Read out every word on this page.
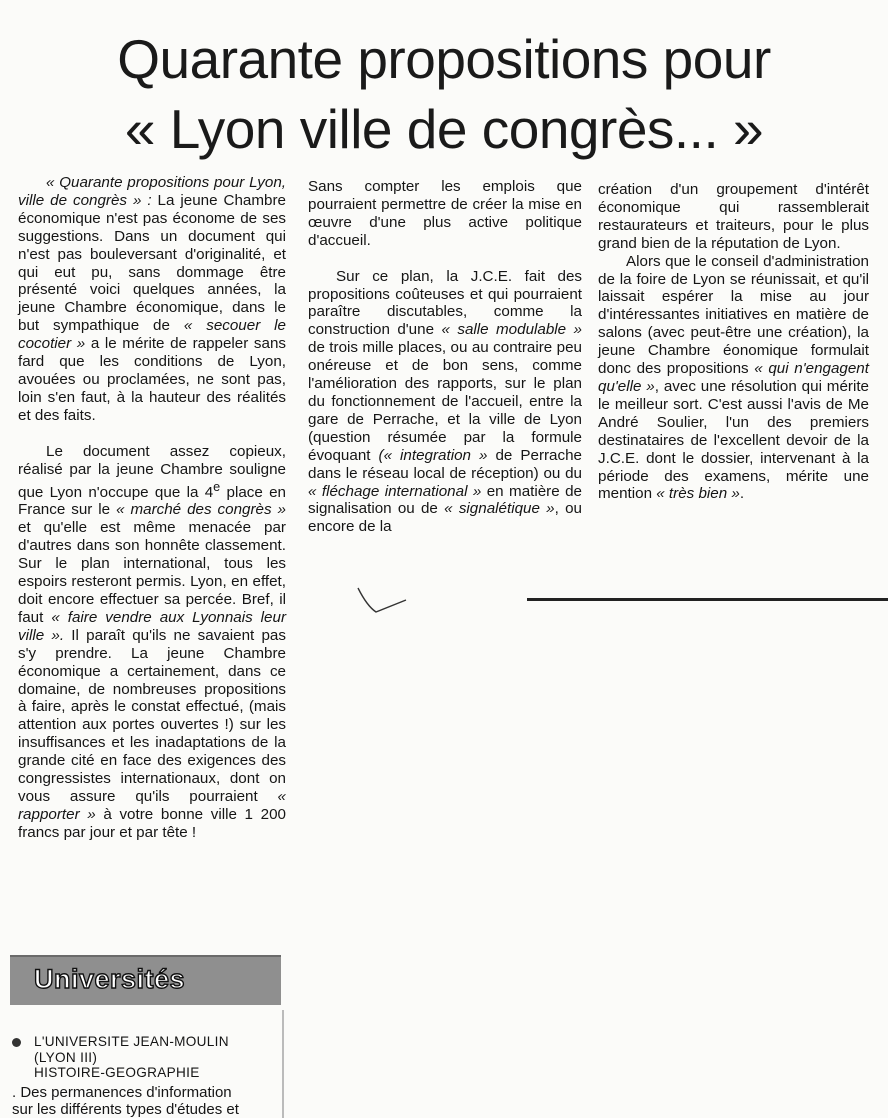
Quarante propositions pour
« Lyon ville de congrès... »

« Quarante propositions pour Lyon, ville de congrès » : La jeune Chambre économique n'est pas économe de ses suggestions. Dans un document qui n'est pas bouleversant d'originalité, et qui eut pu, sans dommage être présenté voici quelques années, la jeune Chambre économique, dans le but sympathique de « secouer le cocotier » a le mérite de rappeler sans fard que les conditions de Lyon, avouées ou proclamées, ne sont pas, loin s'en faut, à la hauteur des réalités et des faits.

Le document assez copieux, réalisé par la jeune Chambre souligne que Lyon n'occupe que la 4e place en France sur le « marché des congrès » et qu'elle est même menacée par d'autres dans son honnête classement. Sur le plan international, tous les espoirs resteront permis. Lyon, en effet, doit encore effectuer sa percée. Bref, il faut « faire vendre aux Lyonnais leur ville ». Il paraît qu'ils ne savaient pas s'y prendre. La jeune Chambre économique a certainement, dans ce domaine, de nombreuses propositions à faire, après le constat effectué, (mais attention aux portes ouvertes !) sur les insuffisances et les inadaptations de la grande cité en face des exigences des congressistes internationaux, dont on vous assure qu'ils pourraient « rapporter » à votre bonne ville 1 200 francs par jour et par tête !

Sans compter les emplois que pourraient permettre de créer la mise en œuvre d'une plus active politique d'accueil.

Sur ce plan, la J.C.E. fait des propositions coûteuses et qui pourraient paraître discutables, comme la construction d'une « salle modulable » de trois mille places, ou au contraire peu onéreuse et de bon sens, comme l'amélioration des rapports, sur le plan du fonctionnement de l'accueil, entre la gare de Perrache, et la ville de Lyon (question résumée par la formule évoquant (« integration » de Perrache dans le réseau local de réception) ou du « fléchage international » en matière de signalisation ou de « signalétique », ou encore de la

création d'un groupement d'intérêt économique qui rassemblerait restaurateurs et traiteurs, pour le plus grand bien de la réputation de Lyon.

Alors que le conseil d'administration de la foire de Lyon se réunissait, et qu'il laissait espérer la mise au jour d'intéressantes initiatives en matière de salons (avec peut-être une création), la jeune Chambre éonomique formulait donc des propositions « qui n'engagent qu'elle », avec une résolution qui mérite le meilleur sort. C'est aussi l'avis de Me André Soulier, l'un des premiers destinataires de l'excellent devoir de la J.C.E. dont le dossier, intervenant à la période des examens, mérite une mention « très bien ».

Universités
L'UNIVERSITE JEAN-MOULIN
(LYON III)
HISTOIRE-GEOGRAPHIE
. Des permanences d'information
sur les différents types d'études et
